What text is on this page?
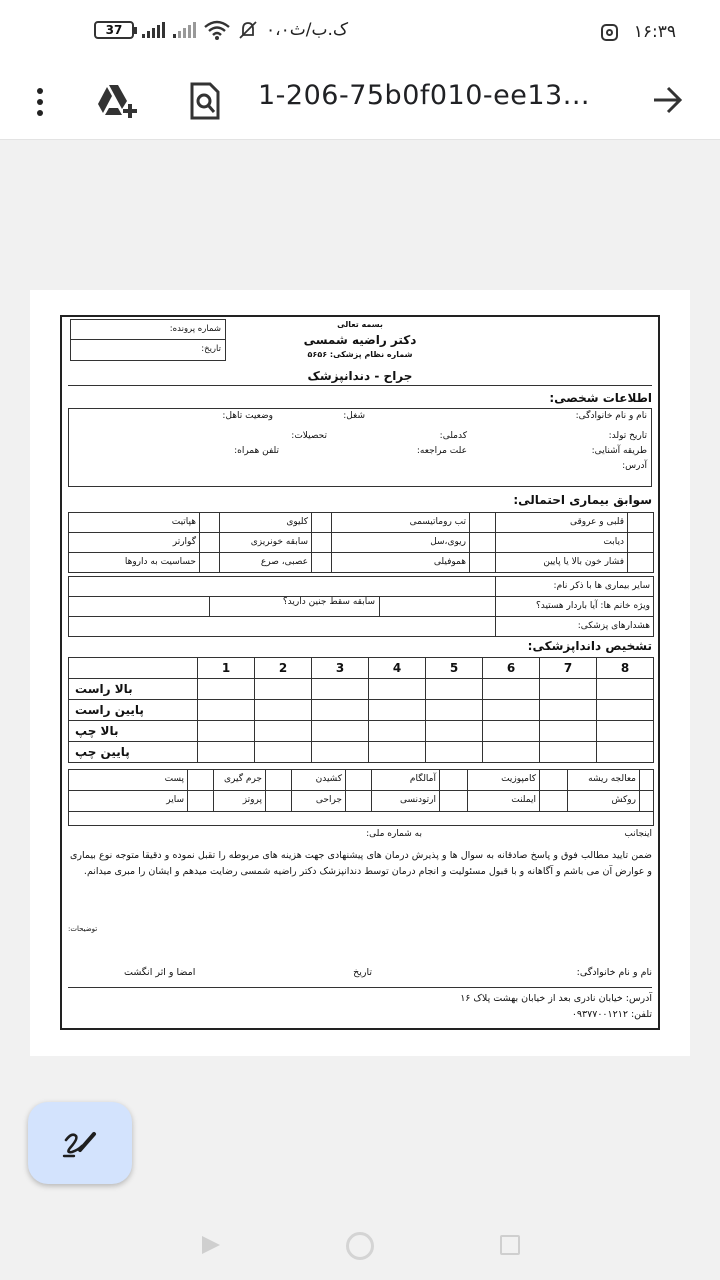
37	۰،۰ک.ب/ث	۱۶:۳۹
1-206-75b0f010-ee13...
شماره پرونده:
تاریخ:
بسمه تعالی
دکتر راضیه شمسی
شماره نظام پزشکی: ۵۶۵۶
جراح - دندانپزشک
اطلاعات شخصی:
نام و نام خانوادگی:
شغل:
وضعیت تاهل:
تاریخ تولد:
کدملی:
تحصیلات:
طریقه آشنایی:
علت مراجعه:
تلفن همراه:
آدرس:
سوابق بیماری احتمالی:
	قلبی و عروقی		تب روماتیسمی		کلیوی		هپاتیت
	دیابت		ریوی،سل		سابقه خونریزی		گوارتر
	فشار خون بالا یا پایین		هموفیلی		عصبی، صرع		حساسیت به داروها
سایر بیماری ها با ذکر نام:	
ویژه خانم ها: آیا باردار هستید؟	سابقه سقط جنین دارید؟

هشدارهای پزشکی:	
تشخیص دانداپزشکی:
8	7	6	5	4	3	2	1	
								بالا راست
								پایین راست
								بالا چپ
								پایین چپ
	معالجه ریشه		کامپوزیت		آمالگام		کشیدن		جرم گیری		پست
	روکش		ایملنت		ارتودنسی		جراحی		پروتز		سایر

اینجانب
به شماره ملی:
ضمن تایید مطالب فوق و پاسخ صادقانه به سوال ها و پذیرش درمان های پیشنهادی جهت هزینه های مربوطه را تقبل نموده و دقیقا متوجه نوع بیماری و عوارض آن می باشم و آگاهانه و با قبول مسئولیت و انجام درمان توسط دندانپزشک دکتر راضیه شمسی رضایت میدهم و ایشان را مبری میدانم.
توضیحات:
نام و نام خانوادگی:
تاریخ
امضا و اثر انگشت
آدرس: خیابان نادری بعد از خیابان بهشت پلاک ۱۶
تلفن: ۰۹۳۷۷۰۰۱۲۱۲
